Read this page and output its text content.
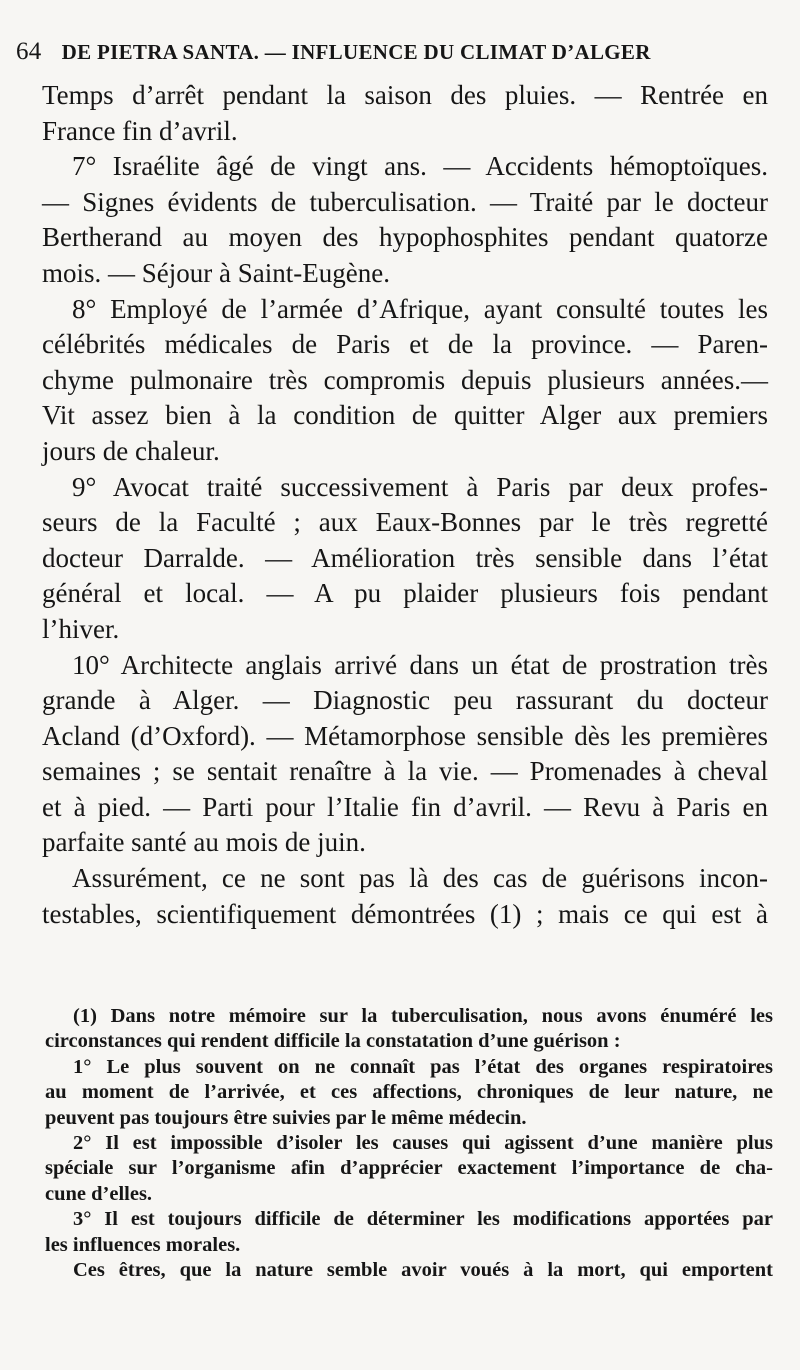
64 DE PIETRA SANTA. — INFLUENCE DU CLIMAT D’ALGER
Temps d’arrêt pendant la saison des pluies. — Rentrée en
France fin d’avril.
7° Israélite âgé de vingt ans. — Accidents hémoptoïques.
— Signes évidents de tuberculisation. — Traité par le docteur
Bertherand au moyen des hypophosphites pendant quatorze
mois. — Séjour à Saint-Eugène.
8° Employé de l’armée d’Afrique, ayant consulté toutes les
célébrités médicales de Paris et de la province. — Paren-
chyme pulmonaire très compromis depuis plusieurs années.—
Vit assez bien à la condition de quitter Alger aux premiers
jours de chaleur.
9° Avocat traité successivement à Paris par deux profes-
seurs de la Faculté ; aux Eaux-Bonnes par le très regretté
docteur Darralde. — Amélioration très sensible dans l’état
général et local. — A pu plaider plusieurs fois pendant
l’hiver.
10° Architecte anglais arrivé dans un état de prostration très
grande à Alger. — Diagnostic peu rassurant du docteur
Acland (d’Oxford). — Métamorphose sensible dès les premières
semaines ; se sentait renaître à la vie. — Promenades à cheval
et à pied. — Parti pour l’Italie fin d’avril. — Revu à Paris en
parfaite santé au mois de juin.
Assurément, ce ne sont pas là des cas de guérisons incon-
testables, scientifiquement démontrées (1) ; mais ce qui est à
(1) Dans notre mémoire sur la tuberculisation, nous avons énuméré les
circonstances qui rendent difficile la constatation d’une guérison :
1° Le plus souvent on ne connaît pas l’état des organes respiratoires
au moment de l’arrivée, et ces affections, chroniques de leur nature, ne
peuvent pas toujours être suivies par le même médecin.
2° Il est impossible d’isoler les causes qui agissent d’une manière plus
spéciale sur l’organisme afin d’apprécier exactement l’importance de cha-
cune d’elles.
3° Il est toujours difficile de déterminer les modifications apportées par
les influences morales.
Ces êtres, que la nature semble avoir voués à la mort, qui emportent
